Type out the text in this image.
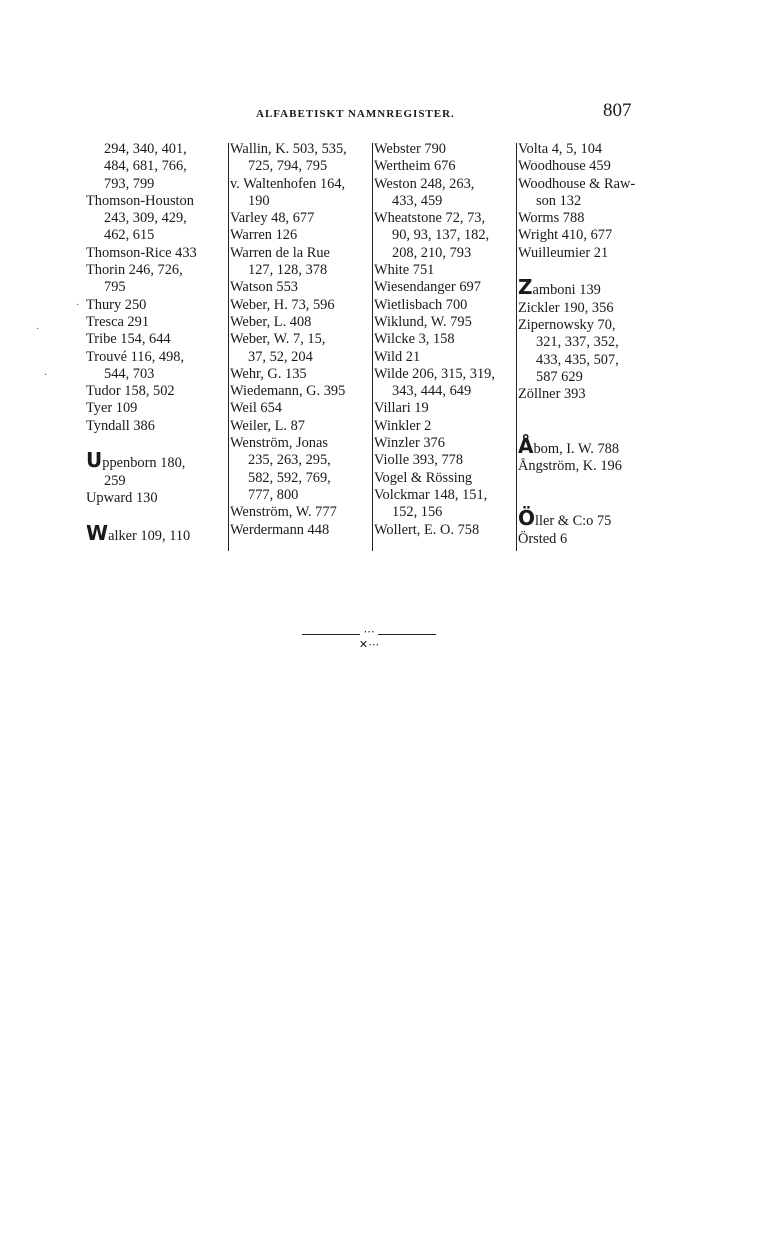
ALFABETISKT NAMNREGISTER.	807
294, 340, 401,
484, 681, 766,
793, 799
Thomson-Houston
243, 309, 429,
462, 615
Thomson-Rice 433
Thorin 246, 726,
795
Thury 250
Tresca 291
Tribe 154, 644
Trouvé 116, 498,
544, 703
Tudor 158, 502
Tyer 109
Tyndall 386
Uppenborn 180,
259
Upward 130
Walker 109, 110
Wallin, K. 503, 535,
725, 794, 795
v. Waltenhofen 164,
190
Varley 48, 677
Warren 126
Warren de la Rue
127, 128, 378
Watson 553
Weber, H. 73, 596
Weber, L. 408
Weber, W. 7, 15,
37, 52, 204
Wehr, G. 135
Wiedemann, G. 395
Weil 654
Weiler, L. 87
Wenström, Jonas
235, 263, 295,
582, 592, 769,
777, 800
Wenström, W. 777
Werdermann 448
Webster 790
Wertheim 676
Weston 248, 263,
433, 459
Wheatstone 72, 73,
90, 93, 137, 182,
208, 210, 793
White 751
Wiesendanger 697
Wietlisbach 700
Wiklund, W. 795
Wilcke 3, 158
Wild 21
Wilde 206, 315, 319,
343, 444, 649
Villari 19
Winkler 2
Winzler 376
Violle 393, 778
Vogel & Rössing
Volckmar 148, 151,
152, 156
Wollert, E. O. 758
Volta 4, 5, 104
Woodhouse 459
Woodhouse & Raw-
son 132
Worms 788
Wright 410, 677
Wuilleumier 21
Zamboni 139
Zickler 190, 356
Zipernowsky 70,
321, 337, 352,
433, 435, 507,
587 629
Zöllner 393
Åbom, I. W. 788
Ångström, K. 196
Öller & C:o 75
Örsted 6
⋯✕⋯
·
·
·
